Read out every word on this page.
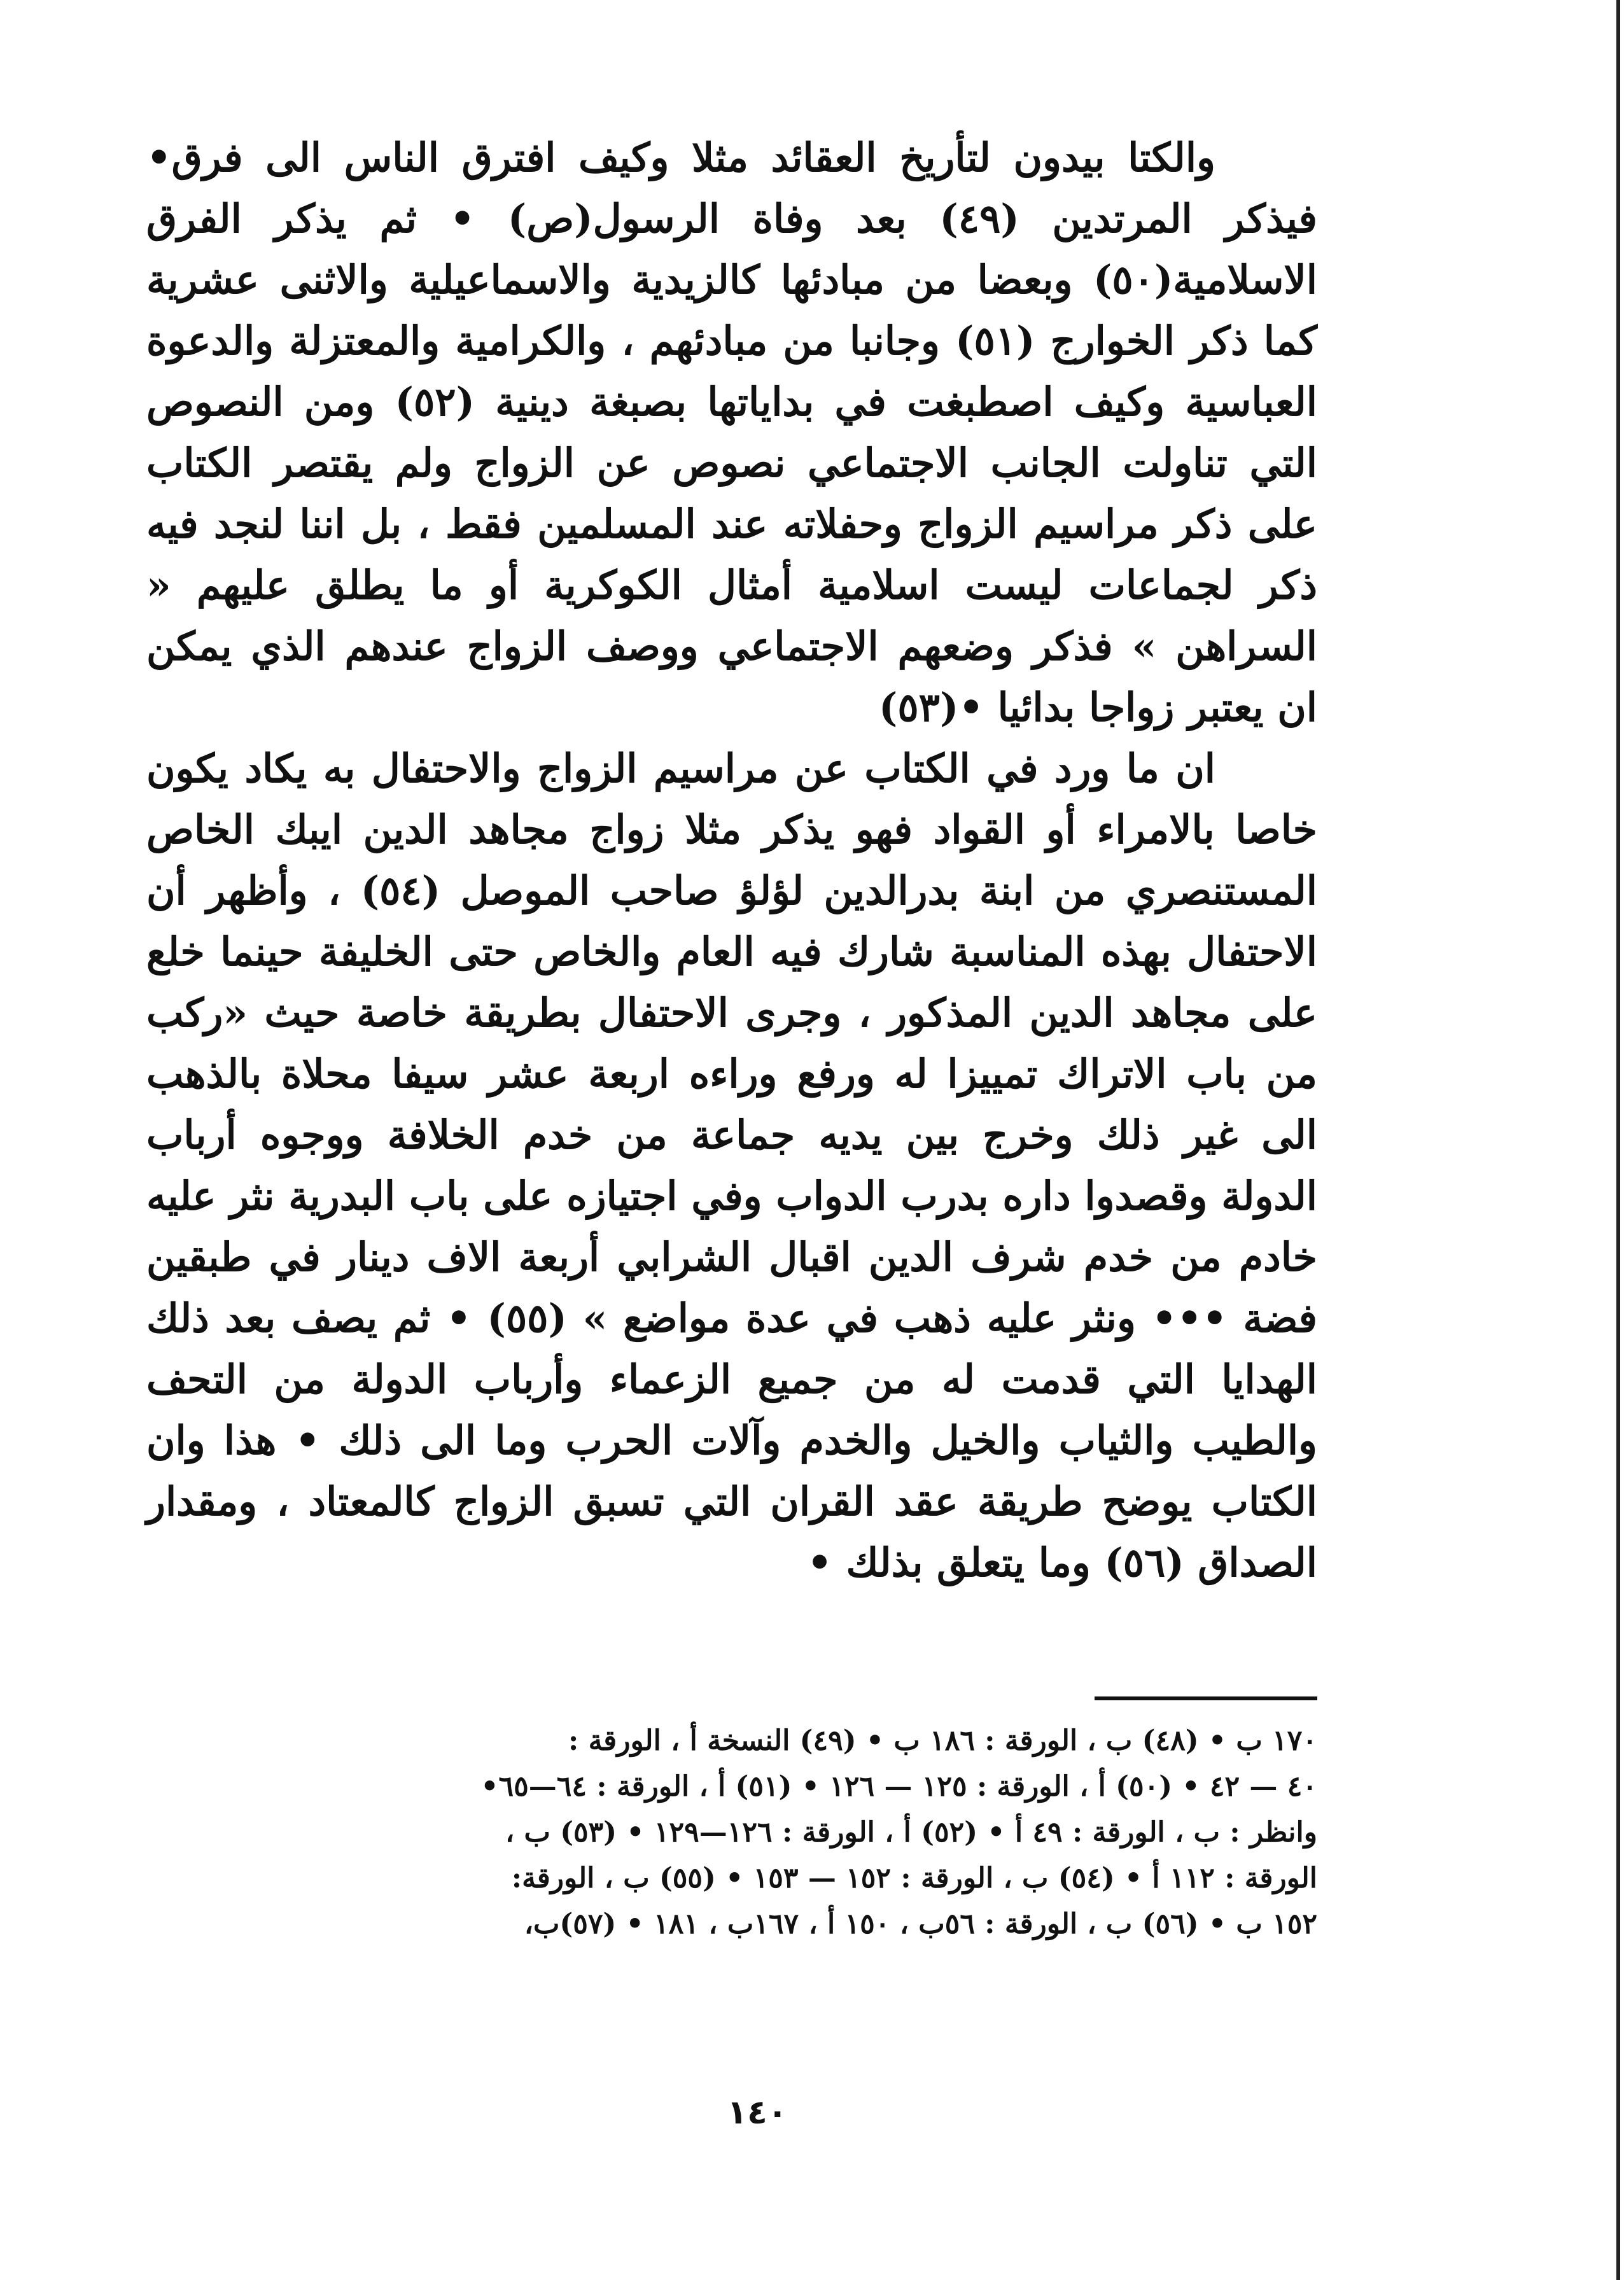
والكتا بيدون لتأريخ العقائد مثلا وكيف افترق الناس الى فرق• فيذكر المرتدين (٤٩) بعد وفاة الرسول(ص) • ثم يذكر الفرق الاسلامية(٥٠) وبعضا من مبادئها كالزيدية والاسماعيلية والاثنى عشرية كما ذكر الخوارج (٥١) وجانبا من مبادئهم ، والكرامية والمعتزلة والدعوة العباسية وكيف اصطبغت في بداياتها بصبغة دينية (٥٢) ومن النصوص التي تناولت الجانب الاجتماعي نصوص عن الزواج ولم يقتصر الكتاب على ذكر مراسيم الزواج وحفلاته عند المسلمين فقط ، بل اننا لنجد فيه ذكر لجماعات ليست اسلامية أمثال الكوكرية أو ما يطلق عليهم « السراهن » فذكر وضعهم الاجتماعي ووصف الزواج عندهم الذي يمكن ان يعتبر زواجا بدائيا •(٥٣)

ان ما ورد في الكتاب عن مراسيم الزواج والاحتفال به يكاد يكون خاصا بالامراء أو القواد فهو يذكر مثلا زواج مجاهد الدين ايبك الخاص المستنصري من ابنة بدرالدين لؤلؤ صاحب الموصل (٥٤) ، وأظهر أن الاحتفال بهذه المناسبة شارك فيه العام والخاص حتى الخليفة حينما خلع على مجاهد الدين المذكور ، وجرى الاحتفال بطريقة خاصة حيث «ركب من باب الاتراك تمييزا له ورفع وراءه اربعة عشر سيفا محلاة بالذهب الى غير ذلك وخرج بين يديه جماعة من خدم الخلافة ووجوه أرباب الدولة وقصدوا داره بدرب الدواب وفي اجتيازه على باب البدرية نثر عليه خادم من خدم شرف الدين اقبال الشرابي أربعة الاف دينار في طبقين فضة ••• ونثر عليه ذهب في عدة مواضع » (٥٥) • ثم يصف بعد ذلك الهدايا التي قدمت له من جميع الزعماء وأرباب الدولة من التحف والطيب والثياب والخيل والخدم وآلات الحرب وما الى ذلك • هذا وان الكتاب يوضح طريقة عقد القران التي تسبق الزواج كالمعتاد ، ومقدار الصداق (٥٦) وما يتعلق بذلك •

١٧٠ ب • (٤٨) ب ، الورقة : ١٨٦ ب • (٤٩) النسخة أ ، الورقة :
٤٠ — ٤٢ • (٥٠) أ ، الورقة : ١٢٥ — ١٢٦ • (٥١) أ ، الورقة : ٦٤—٦٥•
وانظر : ب ، الورقة : ٤٩ أ • (٥٢) أ ، الورقة : ١٢٦—١٢٩ • (٥٣) ب ،
الورقة : ١١٢ أ • (٥٤) ب ، الورقة : ١٥٢ — ١٥٣ • (٥٥) ب ، الورقة:
١٥٢ ب • (٥٦) ب ، الورقة : ٥٦ب ، ١٥٠ أ ، ١٦٧ب ، ١٨١ • (٥٧)ب،
١٤٠
